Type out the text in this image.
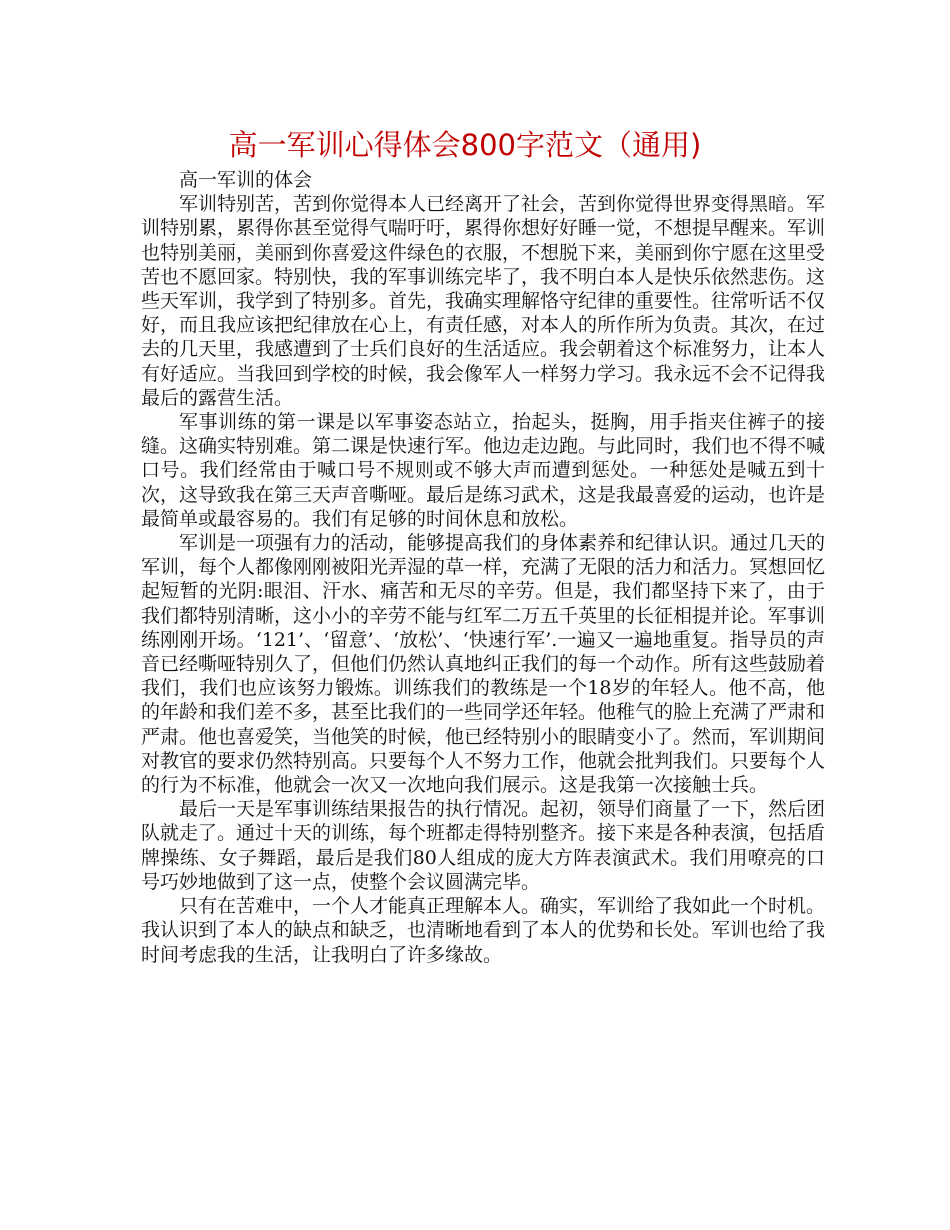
高一军训心得体会800字范文（通用)

高一军训的体会

军训特别苦，苦到你觉得本人已经离开了社会，苦到你觉得世界变得黑暗。军训特别累，累得你甚至觉得气喘吁吁，累得你想好好睡一觉，不想提早醒来。军训也特别美丽，美丽到你喜爱这件绿色的衣服，不想脱下来，美丽到你宁愿在这里受苦也不愿回家。特别快，我的军事训练完毕了，我不明白本人是快乐依然悲伤。这些天军训，我学到了特别多。首先，我确实理解恪守纪律的重要性。往常听话不仅好，而且我应该把纪律放在心上，有责任感，对本人的所作所为负责。其次，在过去的几天里，我感遭到了士兵们良好的生活适应。我会朝着这个标准努力，让本人有好适应。当我回到学校的时候，我会像军人一样努力学习。我永远不会不记得我最后的露营生活。

军事训练的第一课是以军事姿态站立，抬起头，挺胸，用手指夹住裤子的接缝。这确实特别难。第二课是快速行军。他边走边跑。与此同时，我们也不得不喊口号。我们经常由于喊口号不规则或不够大声而遭到惩处。一种惩处是喊五到十次，这导致我在第三天声音嘶哑。最后是练习武术，这是我最喜爱的运动，也许是最简单或最容易的。我们有足够的时间休息和放松。

军训是一项强有力的活动，能够提高我们的身体素养和纪律认识。通过几天的军训，每个人都像刚刚被阳光弄湿的草一样，充满了无限的活力和活力。冥想回忆起短暂的光阴:眼泪、汗水、痛苦和无尽的辛劳。但是，我们都坚持下来了，由于我们都特别清晰，这小小的辛劳不能与红军二万五千英里的长征相提并论。军事训练刚刚开场。‘121’、‘留意’、‘放松’、‘快速行军’.一遍又一遍地重复。指导员的声音已经嘶哑特别久了，但他们仍然认真地纠正我们的每一个动作。所有这些鼓励着我们，我们也应该努力锻炼。训练我们的教练是一个18岁的年轻人。他不高，他的年龄和我们差不多，甚至比我们的一些同学还年轻。他稚气的脸上充满了严肃和严肃。他也喜爱笑，当他笑的时候，他已经特别小的眼睛变小了。然而，军训期间对教官的要求仍然特别高。只要每个人不努力工作，他就会批判我们。只要每个人的行为不标准，他就会一次又一次地向我们展示。这是我第一次接触士兵。

最后一天是军事训练结果报告的执行情况。起初，领导们商量了一下，然后团队就走了。通过十天的训练，每个班都走得特别整齐。接下来是各种表演，包括盾牌操练、女子舞蹈，最后是我们80人组成的庞大方阵表演武术。我们用嘹亮的口号巧妙地做到了这一点，使整个会议圆满完毕。

只有在苦难中，一个人才能真正理解本人。确实，军训给了我如此一个时机。我认识到了本人的缺点和缺乏，也清晰地看到了本人的优势和长处。军训也给了我时间考虑我的生活，让我明白了许多缘故。
